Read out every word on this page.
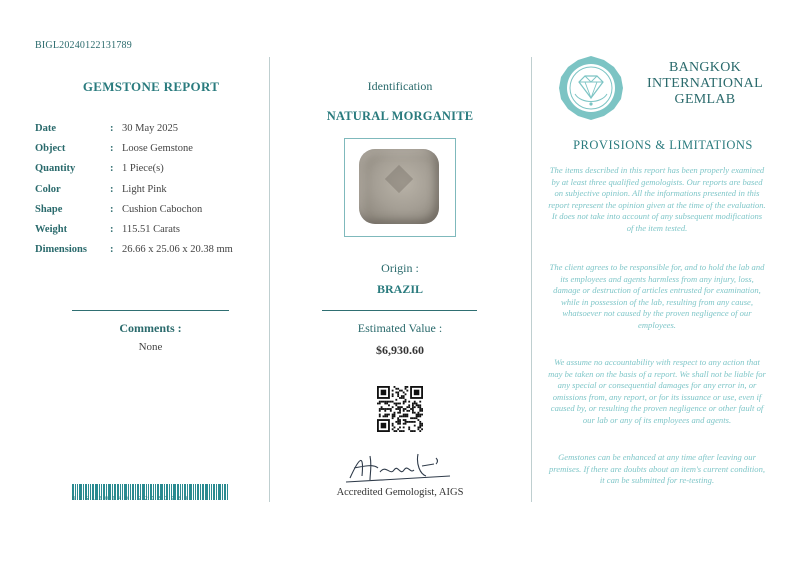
BIGL20240122131789
GEMSTONE REPORT
Date	: 30 May 2025
Object	: Loose Gemstone
Quantity	: 1 Piece(s)
Color	: Light Pink
Shape	: Cushion Cabochon
Weight	: 115.51 Carats
Dimensions	: 26.66 x 25.06 x 20.38 mm
Comments :
None
BIGL20240122131789
Identification
NATURAL MORGANITE
Origin :
BRAZIL
Estimated Value :
$6,930.60
Accredited Gemologist, AIGS
BANGKOK
INTERNATIONAL
GEMLAB
PROVISIONS & LIMITATIONS
The items described in this report has been properly examined by at least three qualified gemologists. Our reports are based on subjective opinion. All the informations presented in this report represent the opinion given at the time of the evaluation. It does not take into account of any subsequent modifications of the item tested.
The client agrees to be responsible for, and to hold the lab and its employees and agents harmless from any injury, loss, damage or destruction of articles entrusted for examination, while in possession of the lab, resulting from any cause, whatsoever not caused by the proven negligence of our employees.
We assume no accountability with respect to any action that may be taken on the basis of a report. We shall not be liable for any special or consequential damages for any error in, or omissions from, any report, or for its issuance or use, even if caused by, or resulting the proven negligence or other fault of our lab or any of its employees and agents.
Gemstones can be enhanced at any time after leaving our premises. If there are doubts about an item's current condition, it can be submitted for re-testing.
